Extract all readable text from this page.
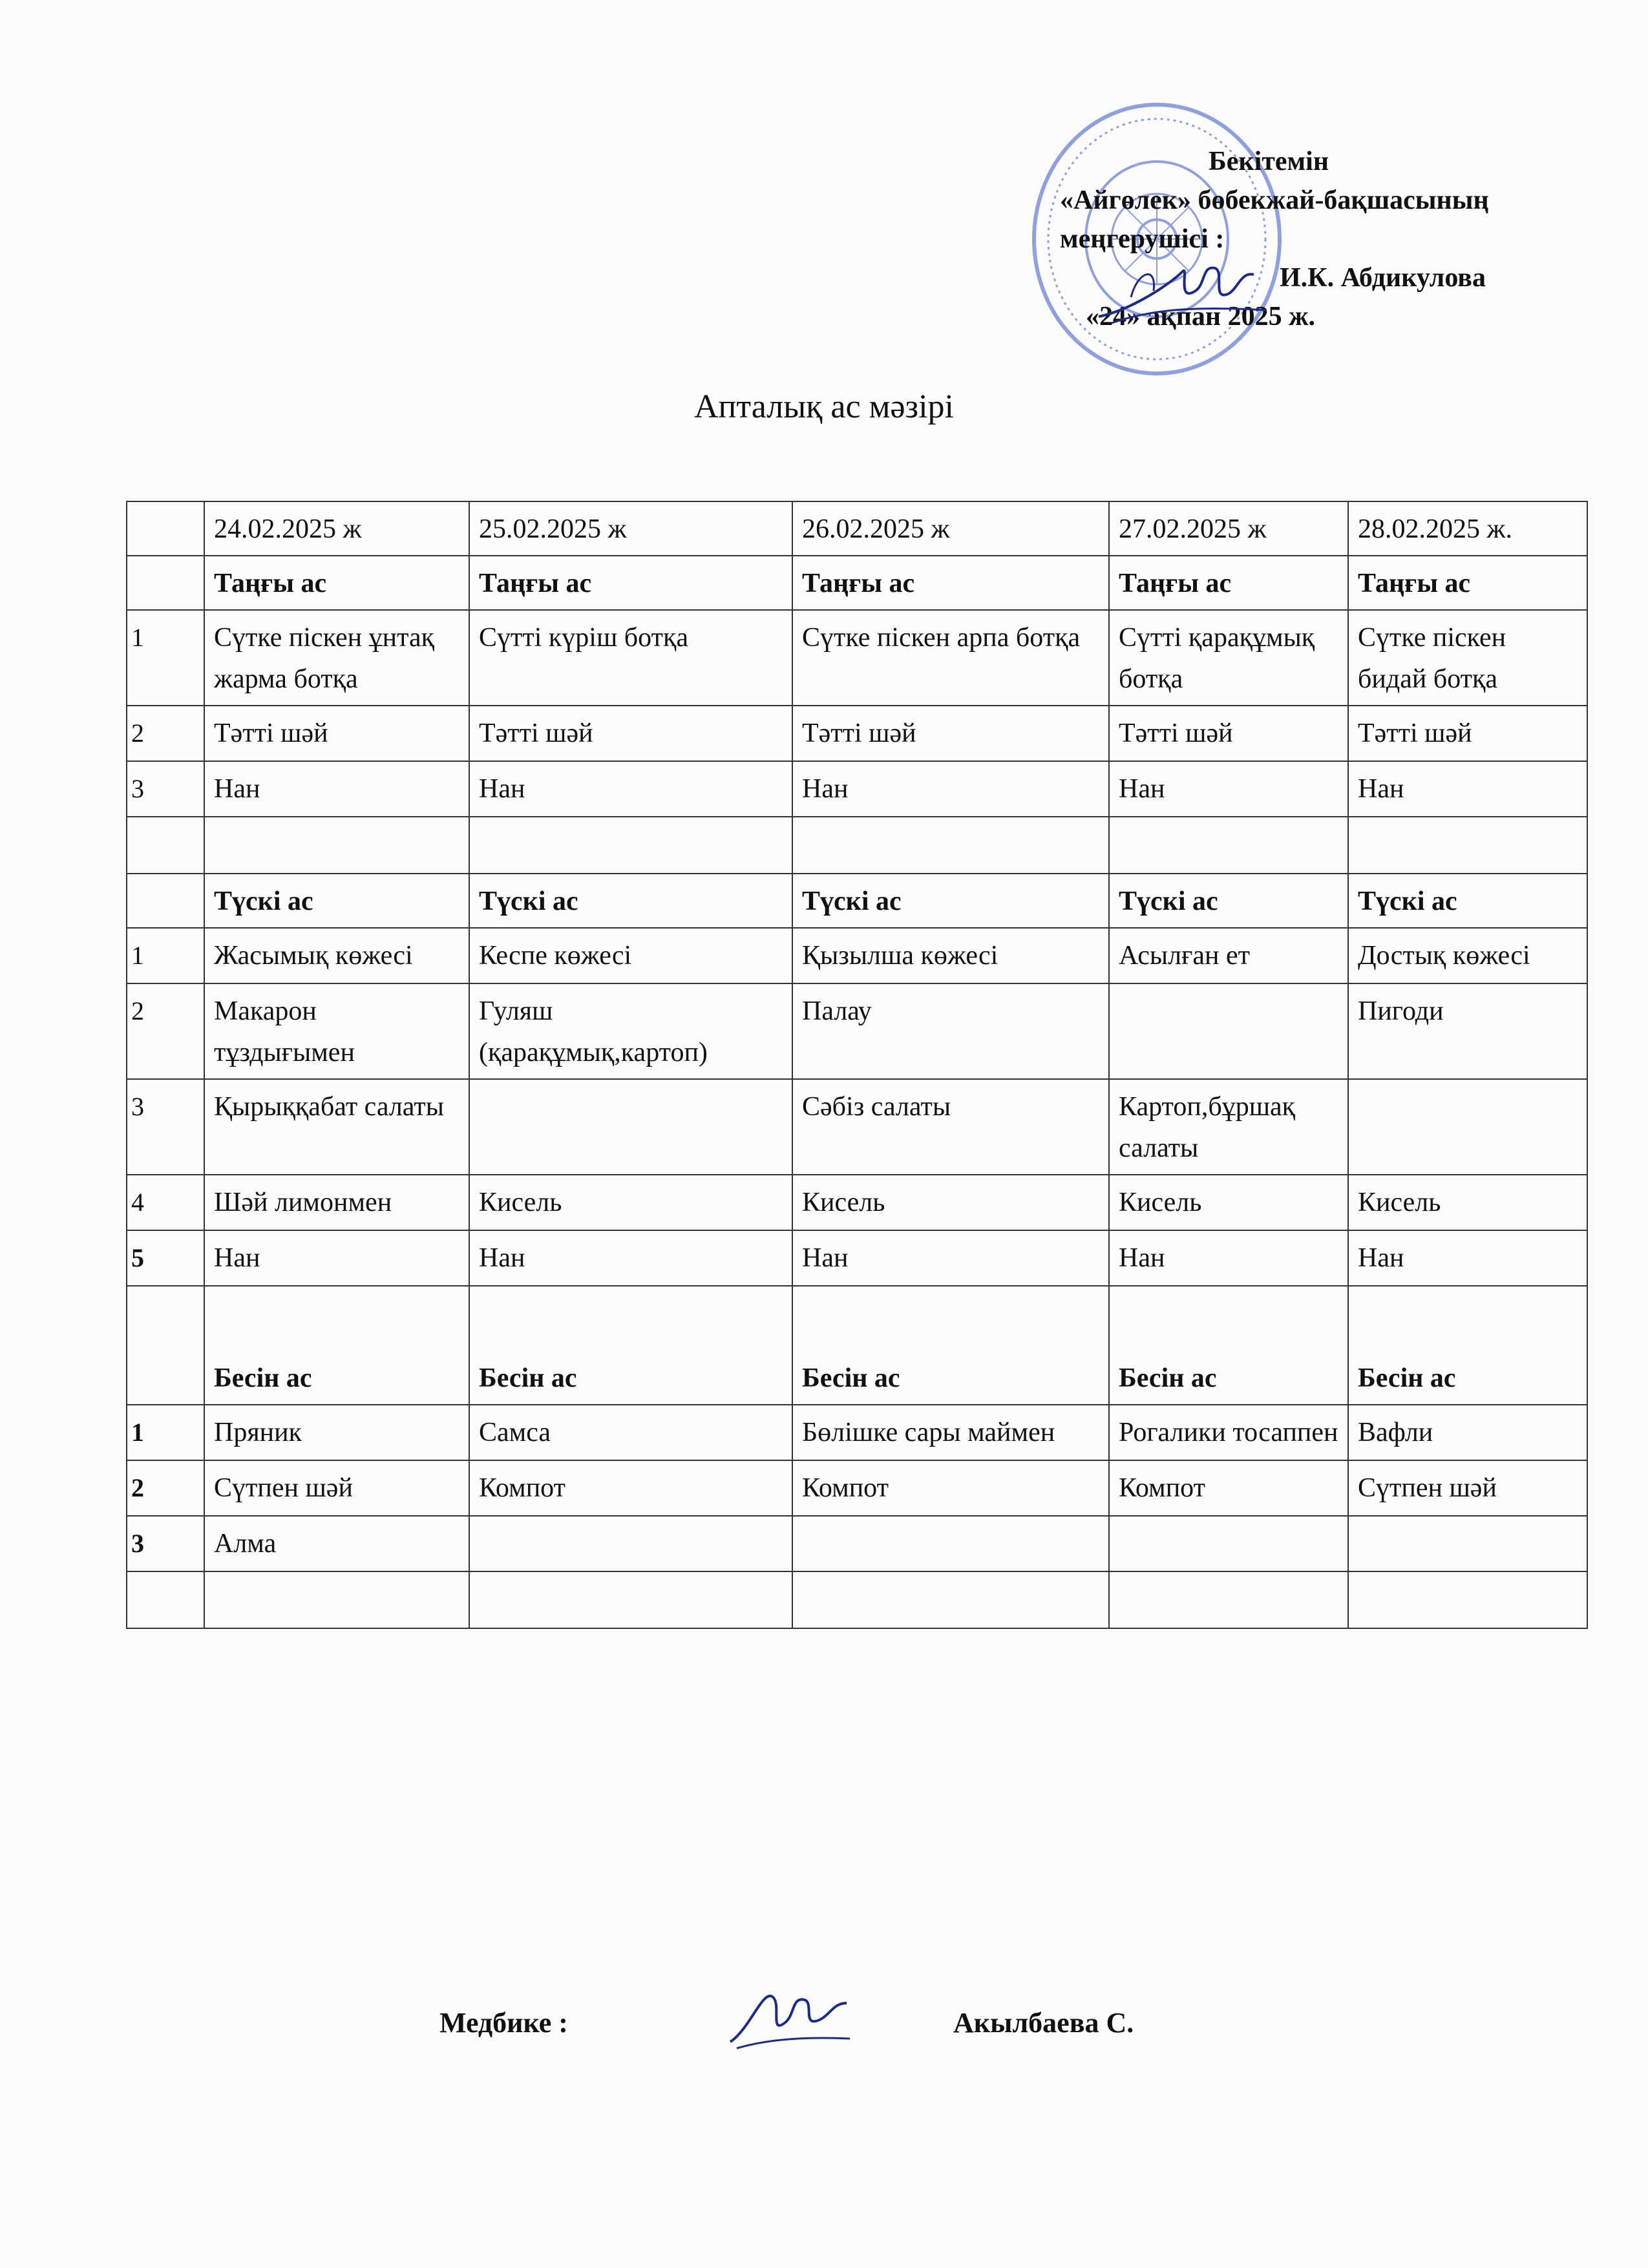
Бекітемін
«Айгөлек» бөбекжай-бақшасының
меңгерушісі :
И.К. Абдикулова
«24» ақпан 2025 ж.
Апталық ас мәзірі
	24.02.2025 ж	25.02.2025 ж	26.02.2025 ж	27.02.2025 ж	28.02.2025 ж.
	Таңғы ас	Таңғы ас	Таңғы ас	Таңғы ас	Таңғы ас
1	Сүтке піскен ұнтақ жарма ботқа	Сүтті күріш ботқа	Сүтке піскен арпа ботқа	Сүтті қарақұмық ботқа	Сүтке піскен бидай ботқа
2	Тәтті шәй	Тәтті шәй	Тәтті шәй	Тәтті шәй	Тәтті шәй
3	Нан	Нан	Нан	Нан	Нан

	Түскі ас	Түскі ас	Түскі ас	Түскі ас	Түскі ас
1	Жасымық көжесі	Кеспе көжесі	Қызылша көжесі	Асылған ет	Достық көжесі
2	Макарон тұздығымен	Гуляш (қарақұмық,картоп)	Палау		Пигоди
3	Қырыққабат салаты		Сәбіз салаты	Картоп,бұршақ салаты	
4	Шәй лимонмен	Кисель	Кисель	Кисель	Кисель
5	Нан	Нан	Нан	Нан	Нан
	Бесін ас	Бесін ас	Бесін ас	Бесін ас	Бесін ас
1	Пряник	Самса	Бөлішке сары маймен	Рогалики тосаппен	Вафли
2	Сүтпен шәй	Компот	Компот	Компот	Сүтпен шәй
3	Алма				

Медбике :	Акылбаева С.
